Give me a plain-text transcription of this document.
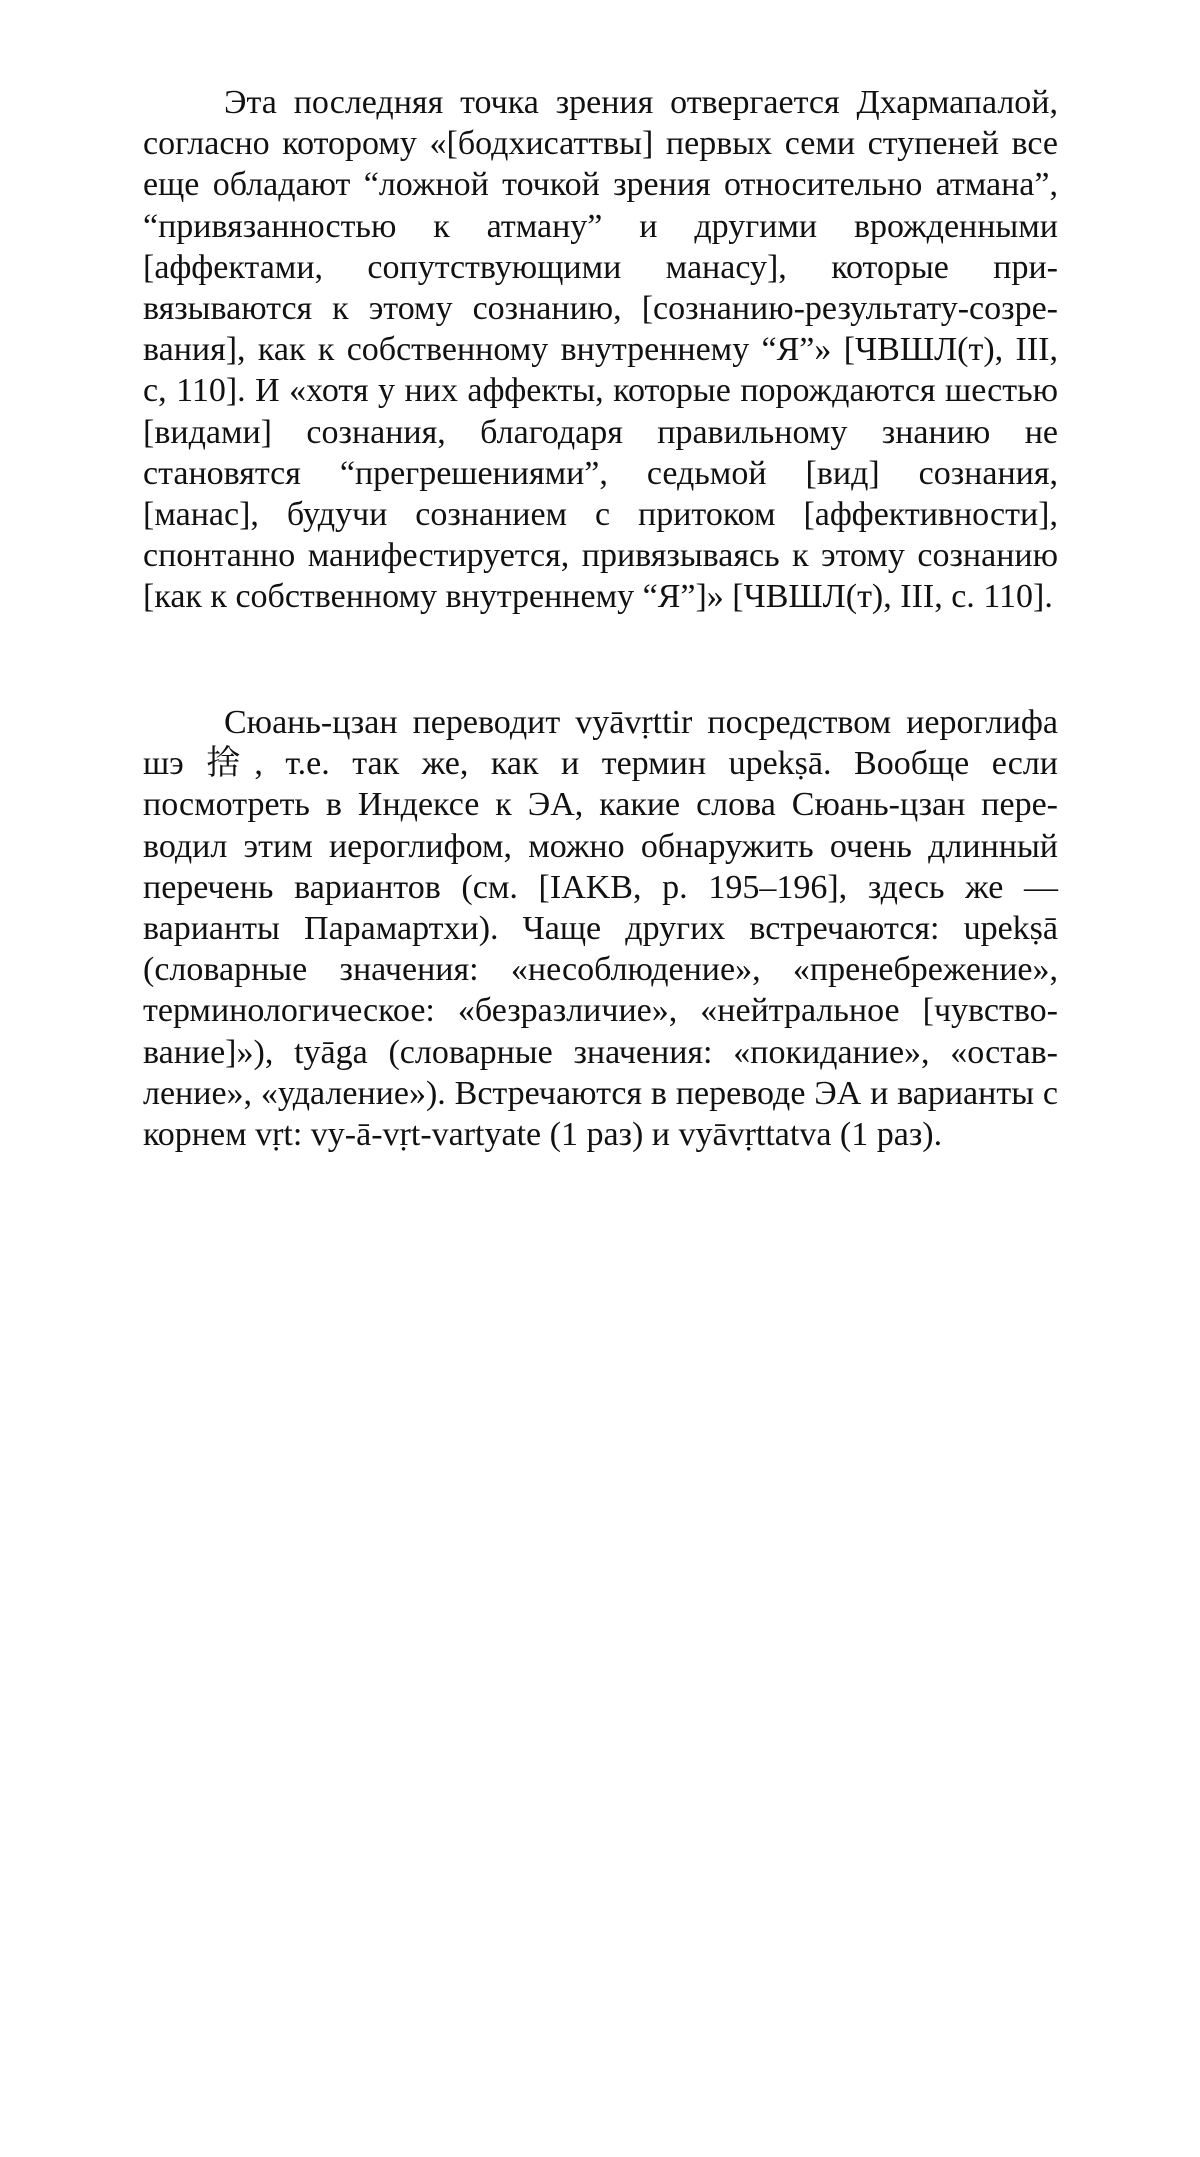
Эта последняя точка зрения отвергается Дхармапалой, согласно которому «[бодхисаттвы] первых семи ступеней все еще обладают “ложной точкой зрения относительно атмана”, “привязанностью к атману” и другими врожденными [аффектами, сопутствующими манасу], которые привязываются к этому сознанию, [сознанию-результату-созревания], как к собственному внутреннему “Я”» [ЧВШЛ(т), III, с, 110]. И «хотя у них аффекты, которые порождаются шестью [видами] сознания, благодаря правильному знанию не становятся “прегрешениями”, седьмой [вид] сознания, [манас], будучи сознанием с притоком [аффективности], спонтанно манифестируется, привязываясь к этому сознанию [как к собственному внутреннему “Я”]» [ЧВШЛ(т), III, с. 110].

Сюань-цзан переводит vyāvṛttir посредством иероглифа шэ 捨, т.е. так же, как и термин upekṣā. Вообще если посмотреть в Индексе к ЭА, какие слова Сюань-цзан переводил этим иероглифом, можно обнаружить очень длинный перечень вариантов (см. [IAKB, p. 195–196], здесь же — варианты Парамартхи). Чаще других встречаются: upekṣā (словарные значения: «несоблюдение», «пренебрежение», терминологическое: «безразличие», «нейтральное [чувствование]»), tyāga (словарные значения: «покидание», «оставление», «удаление»). Встречаются в переводе ЭА и варианты с корнем vṛt: vy-ā-vṛt-vartyate (1 раз) и vyāvṛttatva (1 раз).
